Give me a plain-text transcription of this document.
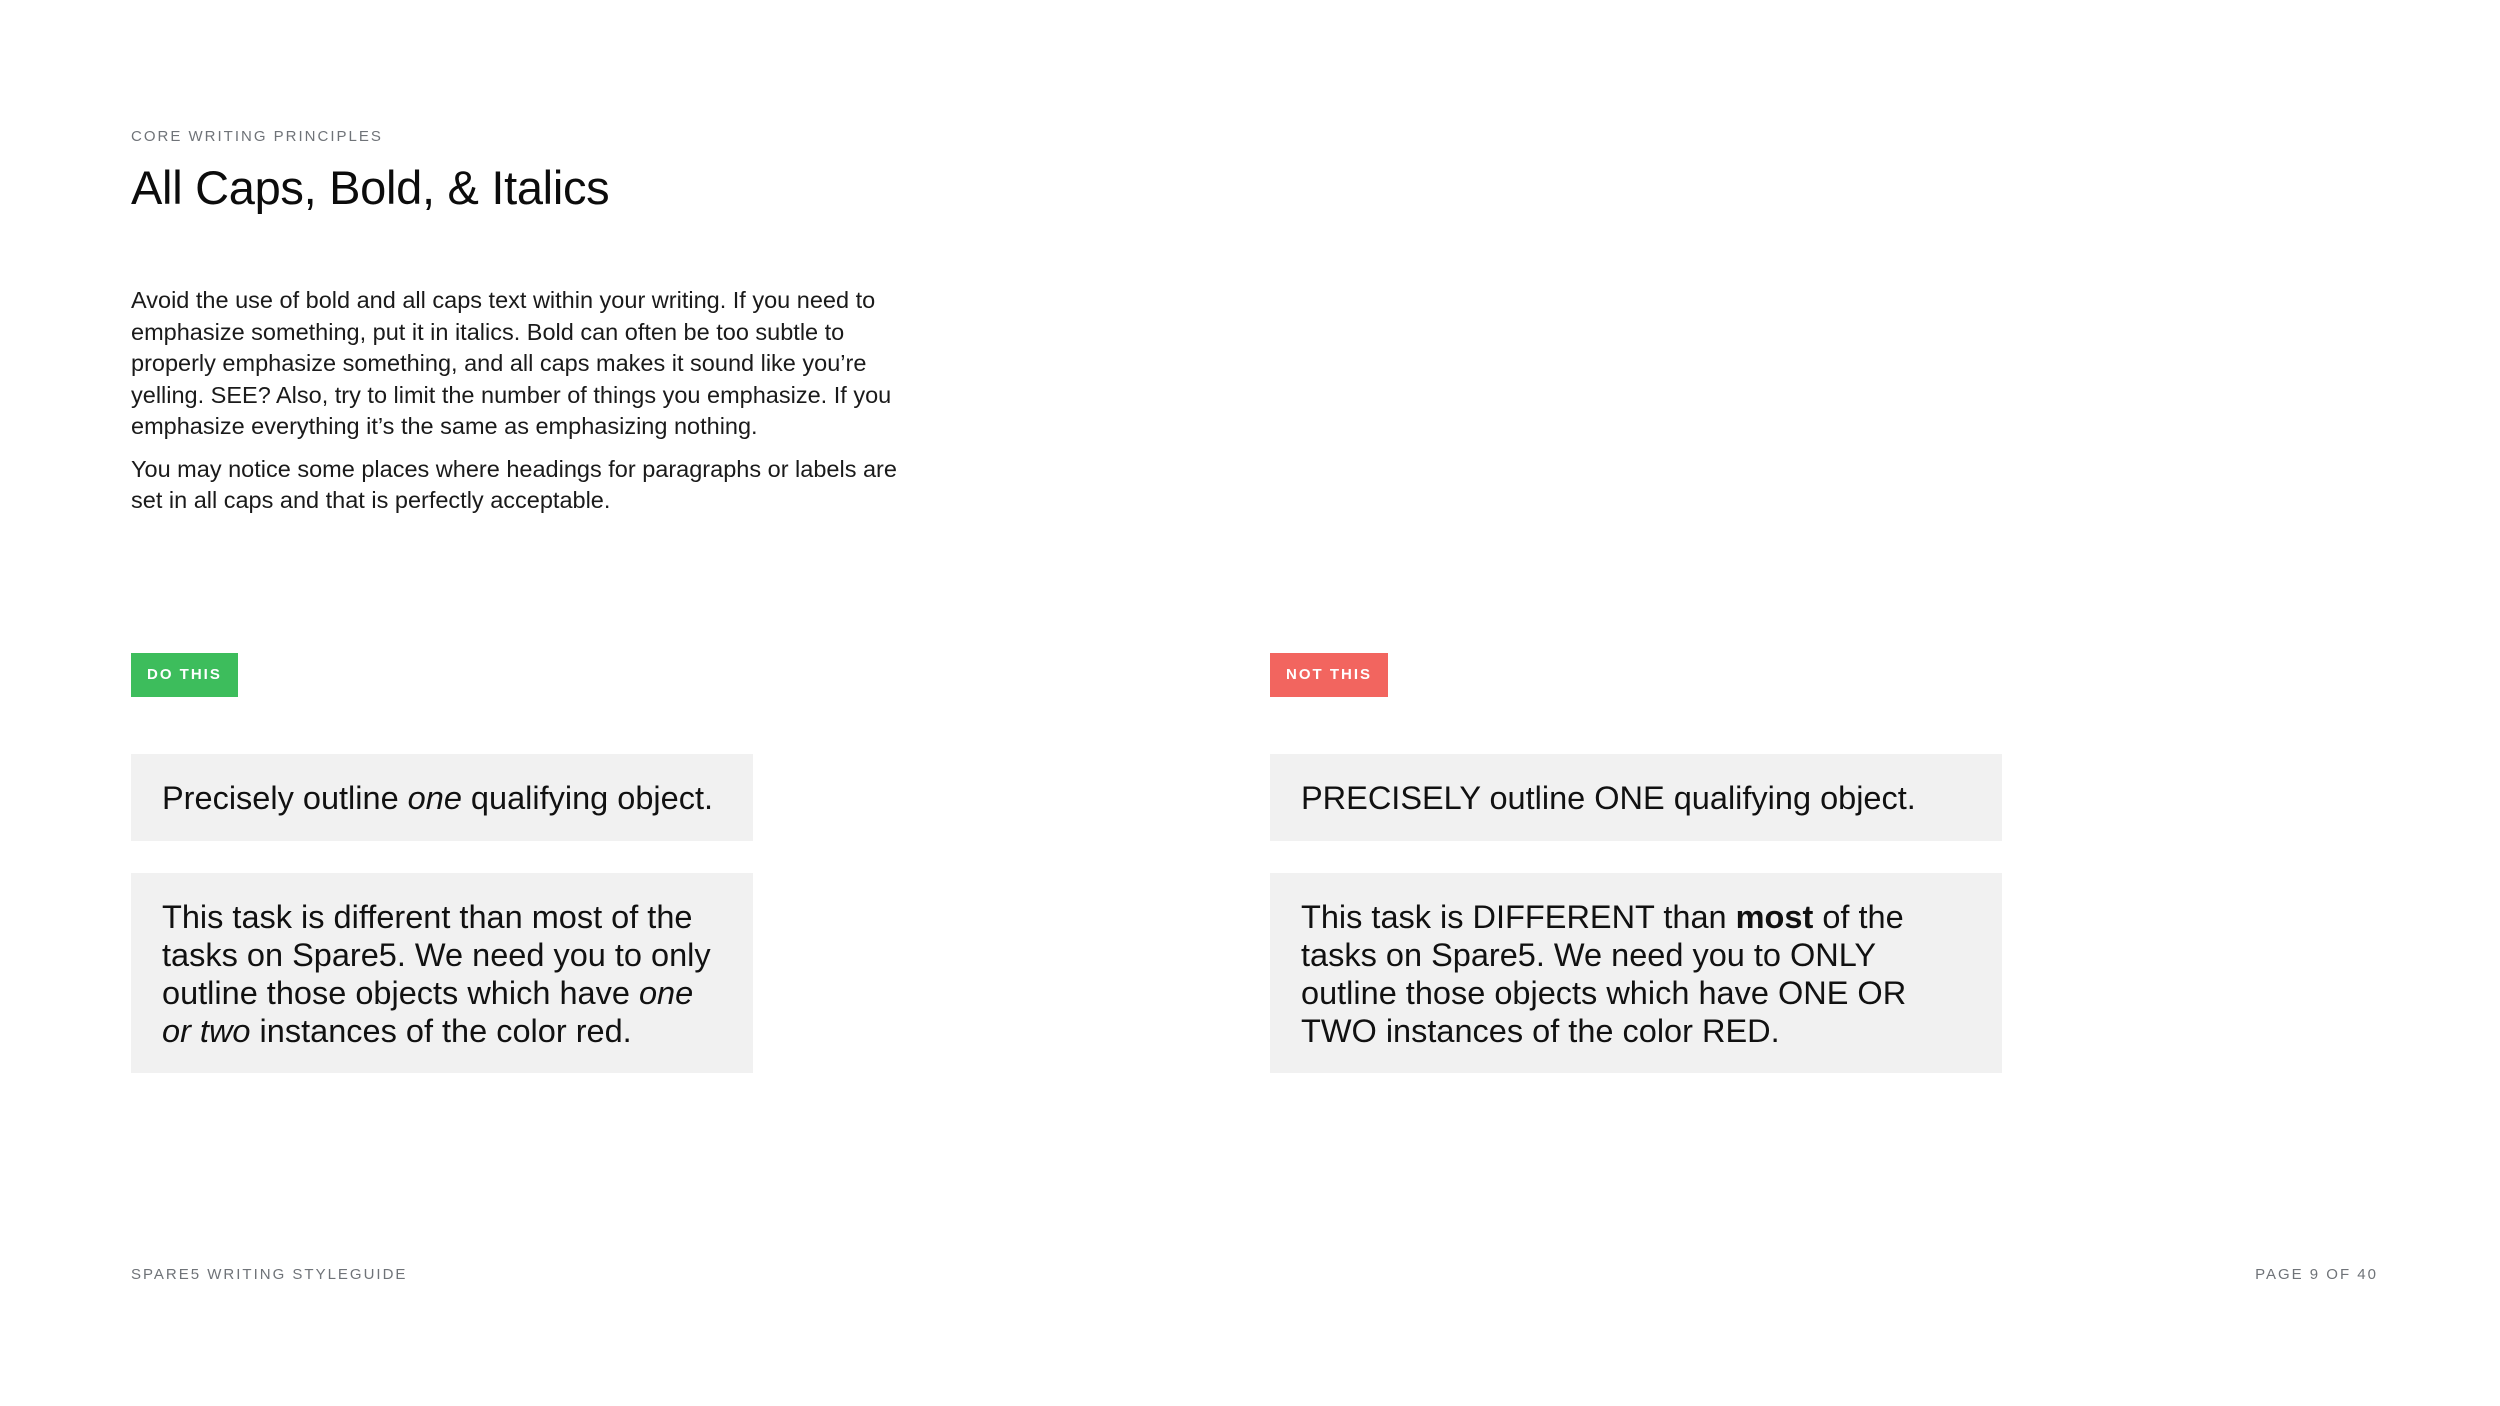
CORE WRITING PRINCIPLES
All Caps, Bold, & Italics

Avoid the use of bold and all caps text within your writing. If you need to emphasize something, put it in italics. Bold can often be too subtle to properly emphasize something, and all caps makes it sound like you’re yelling. SEE? Also, try to limit the number of things you emphasize. If you emphasize everything it’s the same as emphasizing nothing.

You may notice some places where headings for paragraphs or labels are set in all caps and that is perfectly acceptable.

DO THIS	NOT THIS
Precisely outline one qualifying object.
This task is different than most of the tasks on Spare5. We need you to only outline those objects which have one or two instances of the color red.
PRECISELY outline ONE qualifying object.
This task is DIFFERENT than most of the tasks on Spare5. We need you to ONLY outline those objects which have ONE OR TWO instances of the color RED.
SPARE5 WRITING STYLEGUIDE	PAGE 9 OF 40
